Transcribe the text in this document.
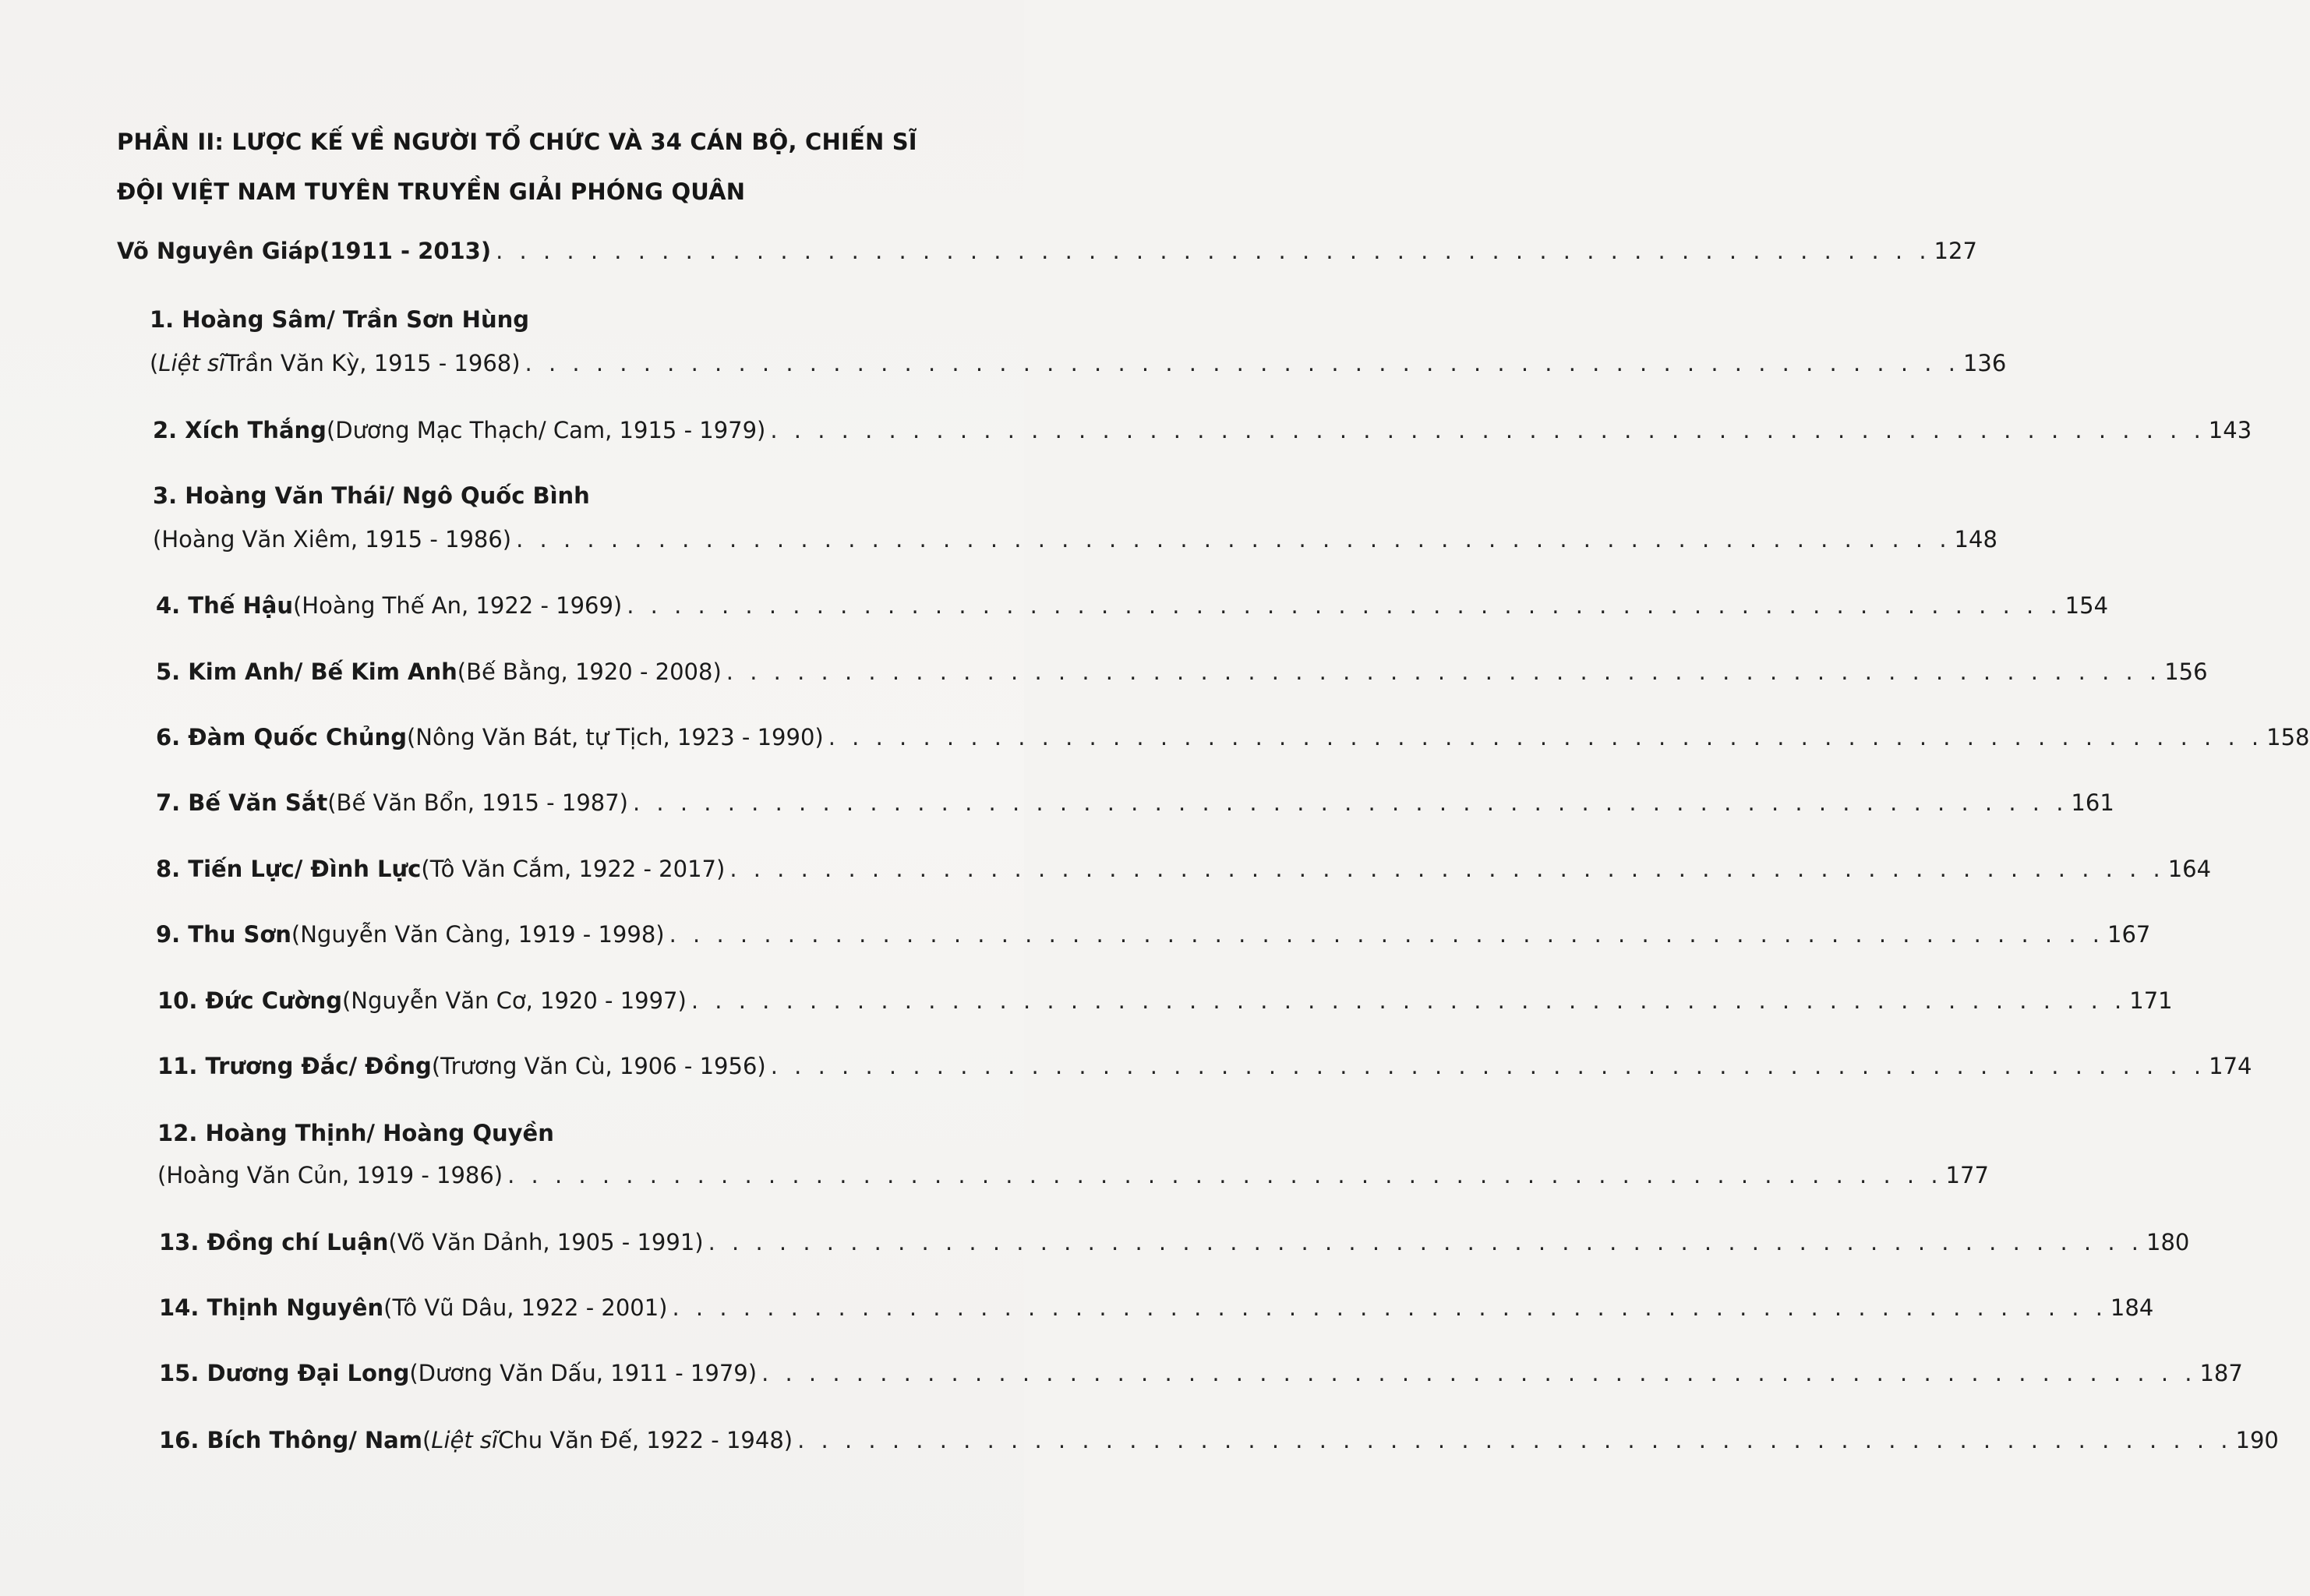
PHẦN II: LƯỢC KẾ VỀ NGƯỜI TỔ CHỨC VÀ 34 CÁN BỘ, CHIẾN SĨ
ĐỘI VIỆT NAM TUYÊN TRUYỀN GIẢI PHÓNG QUÂN
Võ Nguyên Giáp (1911 - 2013) . . . . . . . . . . . . . . . . . . . . . . . . . . . . . . . . . . . . . . . . . . . . . . . . . . . . . . . . . . . . . 127
1. Hoàng Sâm/ Trần Sơn Hùng
( Liệt sĩ Trần Văn Kỳ, 1915 - 1968) . . . . . . . . . . . . . . . . . . . . . . . . . . . . . . . . . . . . . . . . . . . . . . . . . . . . . . . . . . . . . 136
2. Xích Thắng (Dương Mạc Thạch/ Cam, 1915 - 1979) . . . . . . . . . . . . . . . . . . . . . . . . . . . . . . . . . . . . . . . . . . . . . . . . . . . . . . . . . . . . . 143
3. Hoàng Văn Thái/ Ngô Quốc Bình
(Hoàng Văn Xiêm, 1915 - 1986) . . . . . . . . . . . . . . . . . . . . . . . . . . . . . . . . . . . . . . . . . . . . . . . . . . . . . . . . . . . . . 148
4. Thế Hậu (Hoàng Thế An, 1922 - 1969) . . . . . . . . . . . . . . . . . . . . . . . . . . . . . . . . . . . . . . . . . . . . . . . . . . . . . . . . . . . . . 154
5. Kim Anh/ Bế Kim Anh (Bế Bằng, 1920 - 2008) . . . . . . . . . . . . . . . . . . . . . . . . . . . . . . . . . . . . . . . . . . . . . . . . . . . . . . . . . . . . . 156
6. Đàm Quốc Chủng (Nông Văn Bát, tự Tịch, 1923 - 1990) . . . . . . . . . . . . . . . . . . . . . . . . . . . . . . . . . . . . . . . . . . . . . . . . . . . . . . . . . . . . . 158
7. Bế Văn Sắt (Bế Văn Bổn, 1915 - 1987) . . . . . . . . . . . . . . . . . . . . . . . . . . . . . . . . . . . . . . . . . . . . . . . . . . . . . . . . . . . . . 161
8. Tiến Lực/ Đình Lực (Tô Văn Cắm, 1922 - 2017) . . . . . . . . . . . . . . . . . . . . . . . . . . . . . . . . . . . . . . . . . . . . . . . . . . . . . . . . . . . . . 164
9. Thu Sơn (Nguyễn Văn Càng, 1919 - 1998) . . . . . . . . . . . . . . . . . . . . . . . . . . . . . . . . . . . . . . . . . . . . . . . . . . . . . . . . . . . . . 167
10. Đức Cường (Nguyễn Văn Cơ, 1920 - 1997) . . . . . . . . . . . . . . . . . . . . . . . . . . . . . . . . . . . . . . . . . . . . . . . . . . . . . . . . . . . . . 171
11. Trương Đắc/ Đồng (Trương Văn Cù, 1906 - 1956) . . . . . . . . . . . . . . . . . . . . . . . . . . . . . . . . . . . . . . . . . . . . . . . . . . . . . . . . . . . . . 174
12. Hoàng Thịnh/ Hoàng Quyền
(Hoàng Văn Củn, 1919 - 1986) . . . . . . . . . . . . . . . . . . . . . . . . . . . . . . . . . . . . . . . . . . . . . . . . . . . . . . . . . . . . . 177
13. Đồng chí Luận (Võ Văn Dảnh, 1905 - 1991) . . . . . . . . . . . . . . . . . . . . . . . . . . . . . . . . . . . . . . . . . . . . . . . . . . . . . . . . . . . . . 180
14. Thịnh Nguyên (Tô Vũ Dâu, 1922 - 2001) . . . . . . . . . . . . . . . . . . . . . . . . . . . . . . . . . . . . . . . . . . . . . . . . . . . . . . . . . . . . . 184
15. Dương Đại Long (Dương Văn Dấu, 1911 - 1979) . . . . . . . . . . . . . . . . . . . . . . . . . . . . . . . . . . . . . . . . . . . . . . . . . . . . . . . . . . . . . 187
16. Bích Thông/ Nam ( Liệt sĩ Chu Văn Đế, 1922 - 1948) . . . . . . . . . . . . . . . . . . . . . . . . . . . . . . . . . . . . . . . . . . . . . . . . . . . . . . . . . . . . . 190
